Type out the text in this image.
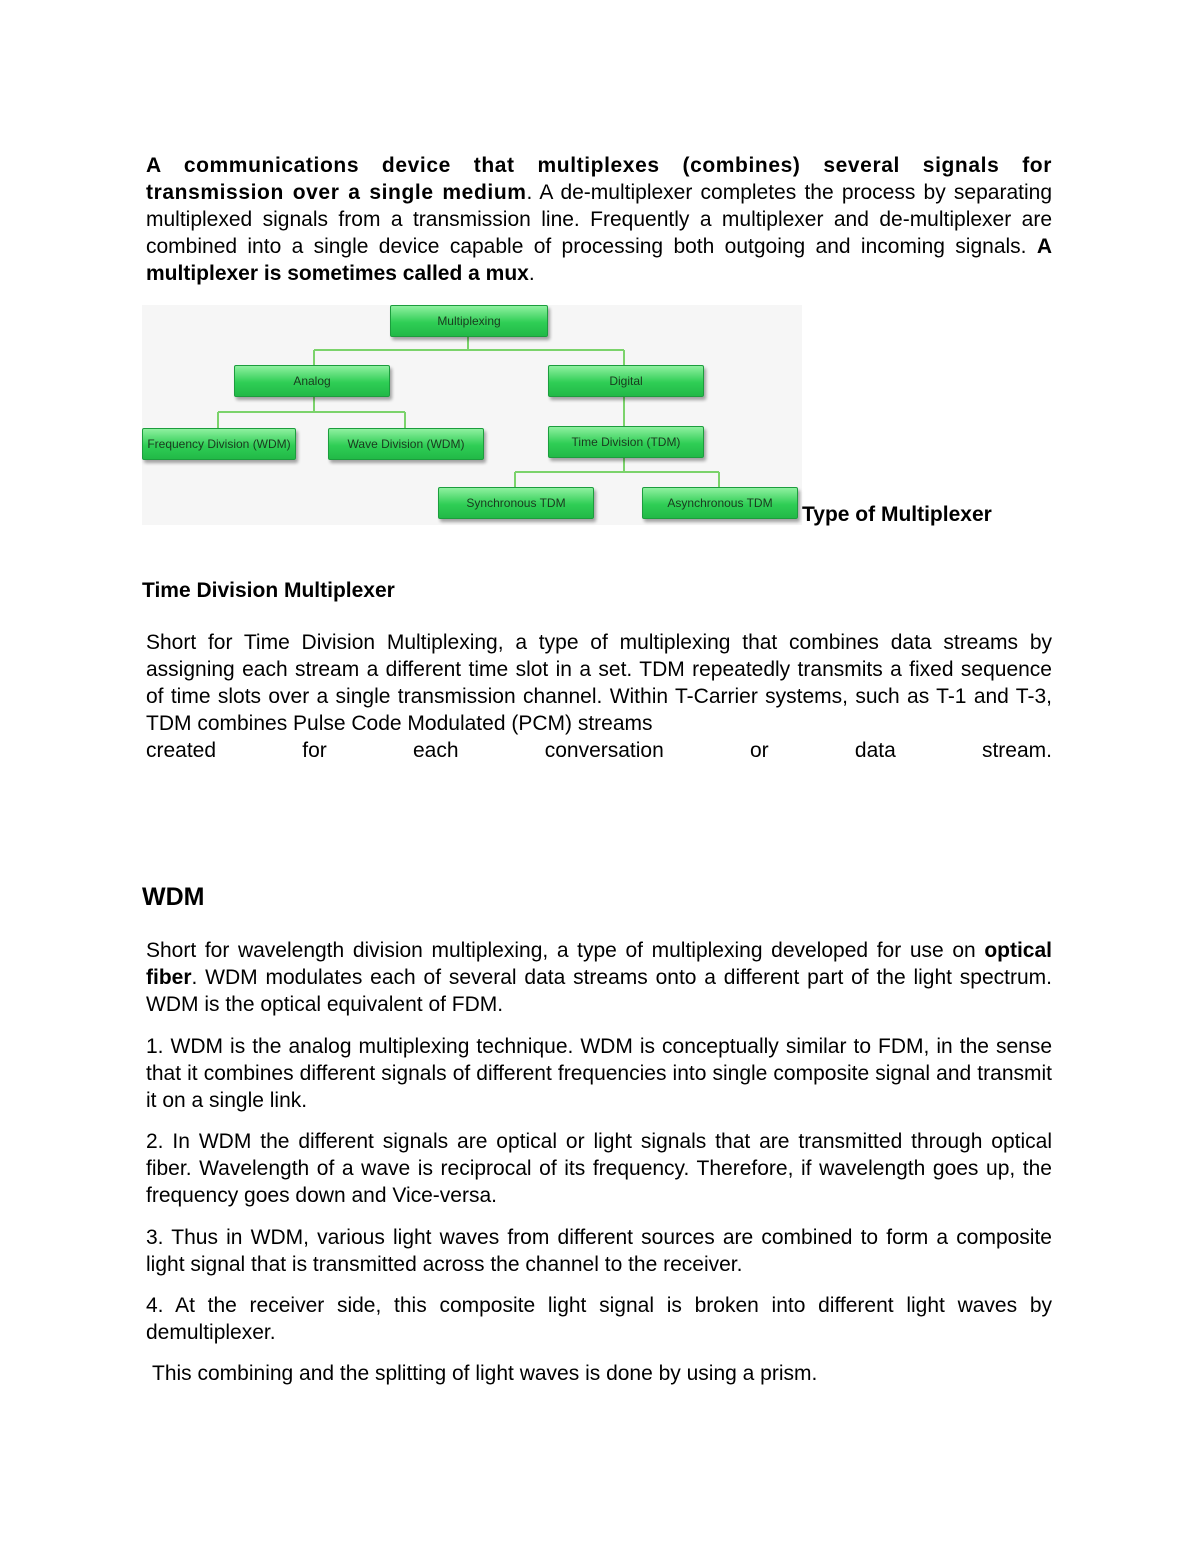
A communications device that multiplexes (combines) several signals for transmission over a single medium. A de-multiplexer completes the process by separating multiplexed signals from a transmission line. Frequently a multiplexer and de-multiplexer are combined into a single device capable of processing both outgoing and incoming signals. A multiplexer is sometimes called a mux.

Multiplexing
Analog	Digital
Frequency Division (WDM)	Wave Division (WDM)	Time Division (TDM)
Synchronous TDM	Asynchronous TDM	Type of Multiplexer
Time Division Multiplexer

Short for Time Division Multiplexing, a type of multiplexing that combines data streams by assigning each stream a different time slot in a set. TDM repeatedly transmits a fixed sequence of time slots over a single transmission channel. Within T-Carrier systems, such as T-1 and T-3, TDM combines Pulse Code Modulated (PCM) streams

created	for	each	conversation	or	data	stream.
WDM

Short for wavelength division multiplexing, a type of multiplexing developed for use on optical fiber. WDM modulates each of several data streams onto a different part of the light spectrum. WDM is the optical equivalent of FDM.

1. WDM is the analog multiplexing technique. WDM is conceptually similar to FDM, in the sense that it combines different signals of different frequencies into single composite signal and transmit it on a single link.

2. In WDM the different signals are optical or light signals that are transmitted through optical fiber. Wavelength of a wave is reciprocal of its frequency. Therefore, if wavelength goes up, the frequency goes down and Vice-versa.

3. Thus in WDM, various light waves from different sources are combined to form a composite light signal that is transmitted across the channel to the receiver.

4. At the receiver side, this composite light signal is broken into different light waves by demultiplexer.

This combining and the splitting of light waves is done by using a prism.
